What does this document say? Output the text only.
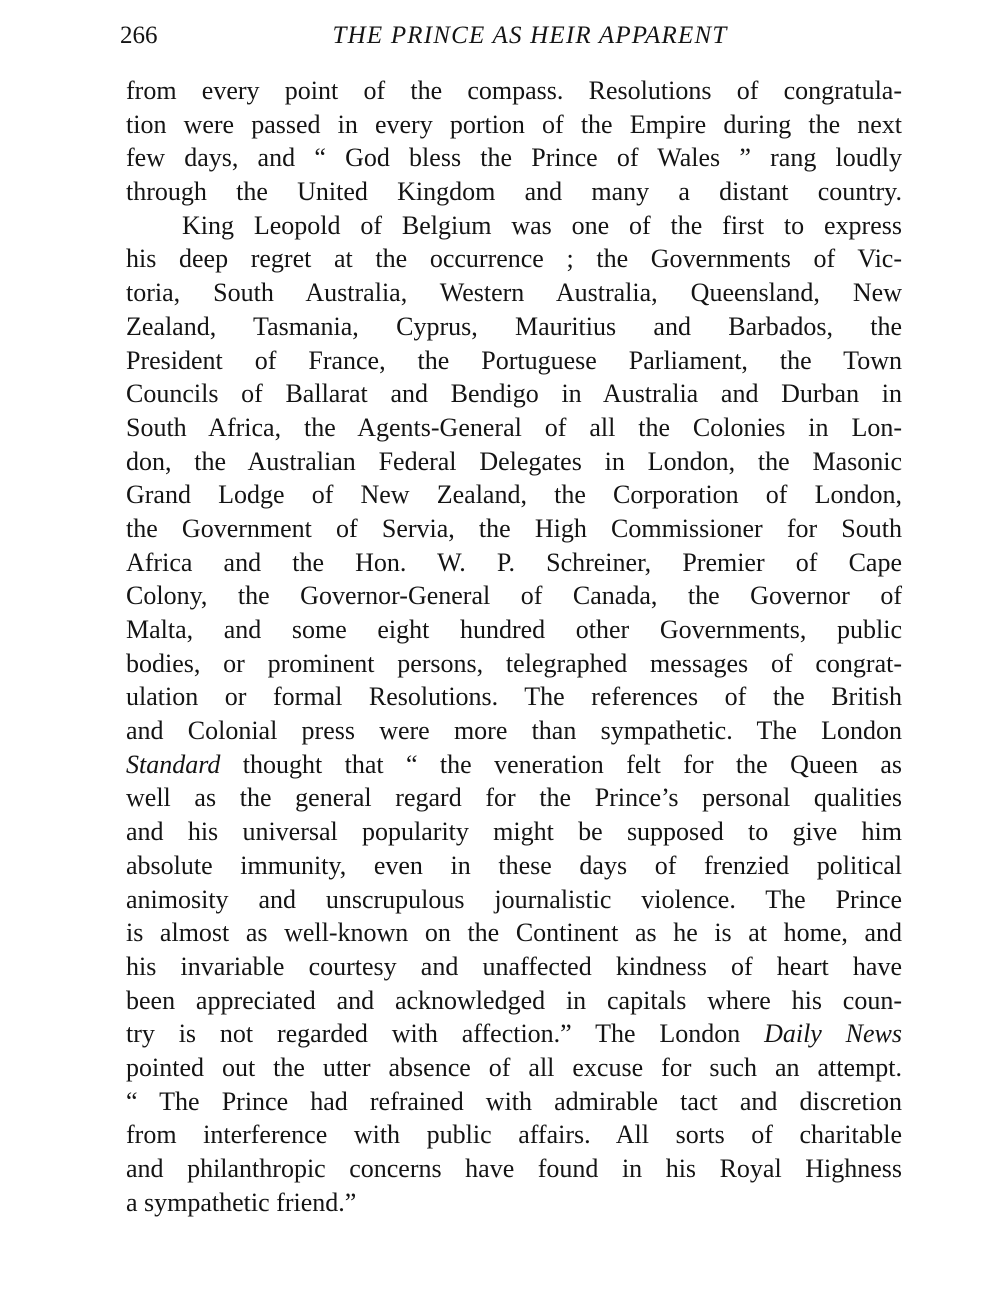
266	THE PRINCE AS HEIR APPARENT
from every point of the compass. Resolutions of congratula-
tion were passed in every portion of the Empire during the next
few days, and “ God bless the Prince of Wales ” rang loudly
through the United Kingdom and many a distant country.
King Leopold of Belgium was one of the first to express
his deep regret at the occurrence ; the Governments of Vic-
toria, South Australia, Western Australia, Queensland, New
Zealand, Tasmania, Cyprus, Mauritius and Barbados, the
President of France, the Portuguese Parliament, the Town
Councils of Ballarat and Bendigo in Australia and Durban in
South Africa, the Agents-General of all the Colonies in Lon-
don, the Australian Federal Delegates in London, the Masonic
Grand Lodge of New Zealand, the Corporation of London,
the Government of Servia, the High Commissioner for South
Africa and the Hon. W. P. Schreiner, Premier of Cape
Colony, the Governor-General of Canada, the Governor of
Malta, and some eight hundred other Governments, public
bodies, or prominent persons, telegraphed messages of congrat-
ulation or formal Resolutions. The references of the British
and Colonial press were more than sympathetic. The London
Standard thought that “ the veneration felt for the Queen as
well as the general regard for the Prince’s personal qualities
and his universal popularity might be supposed to give him
absolute immunity, even in these days of frenzied political
animosity and unscrupulous journalistic violence. The Prince
is almost as well-known on the Continent as he is at home, and
his invariable courtesy and unaffected kindness of heart have
been appreciated and acknowledged in capitals where his coun-
try is not regarded with affection.” The London Daily News
pointed out the utter absence of all excuse for such an attempt.
“ The Prince had refrained with admirable tact and discretion
from interference with public affairs. All sorts of charitable
and philanthropic concerns have found in his Royal Highness
a sympathetic friend.”
